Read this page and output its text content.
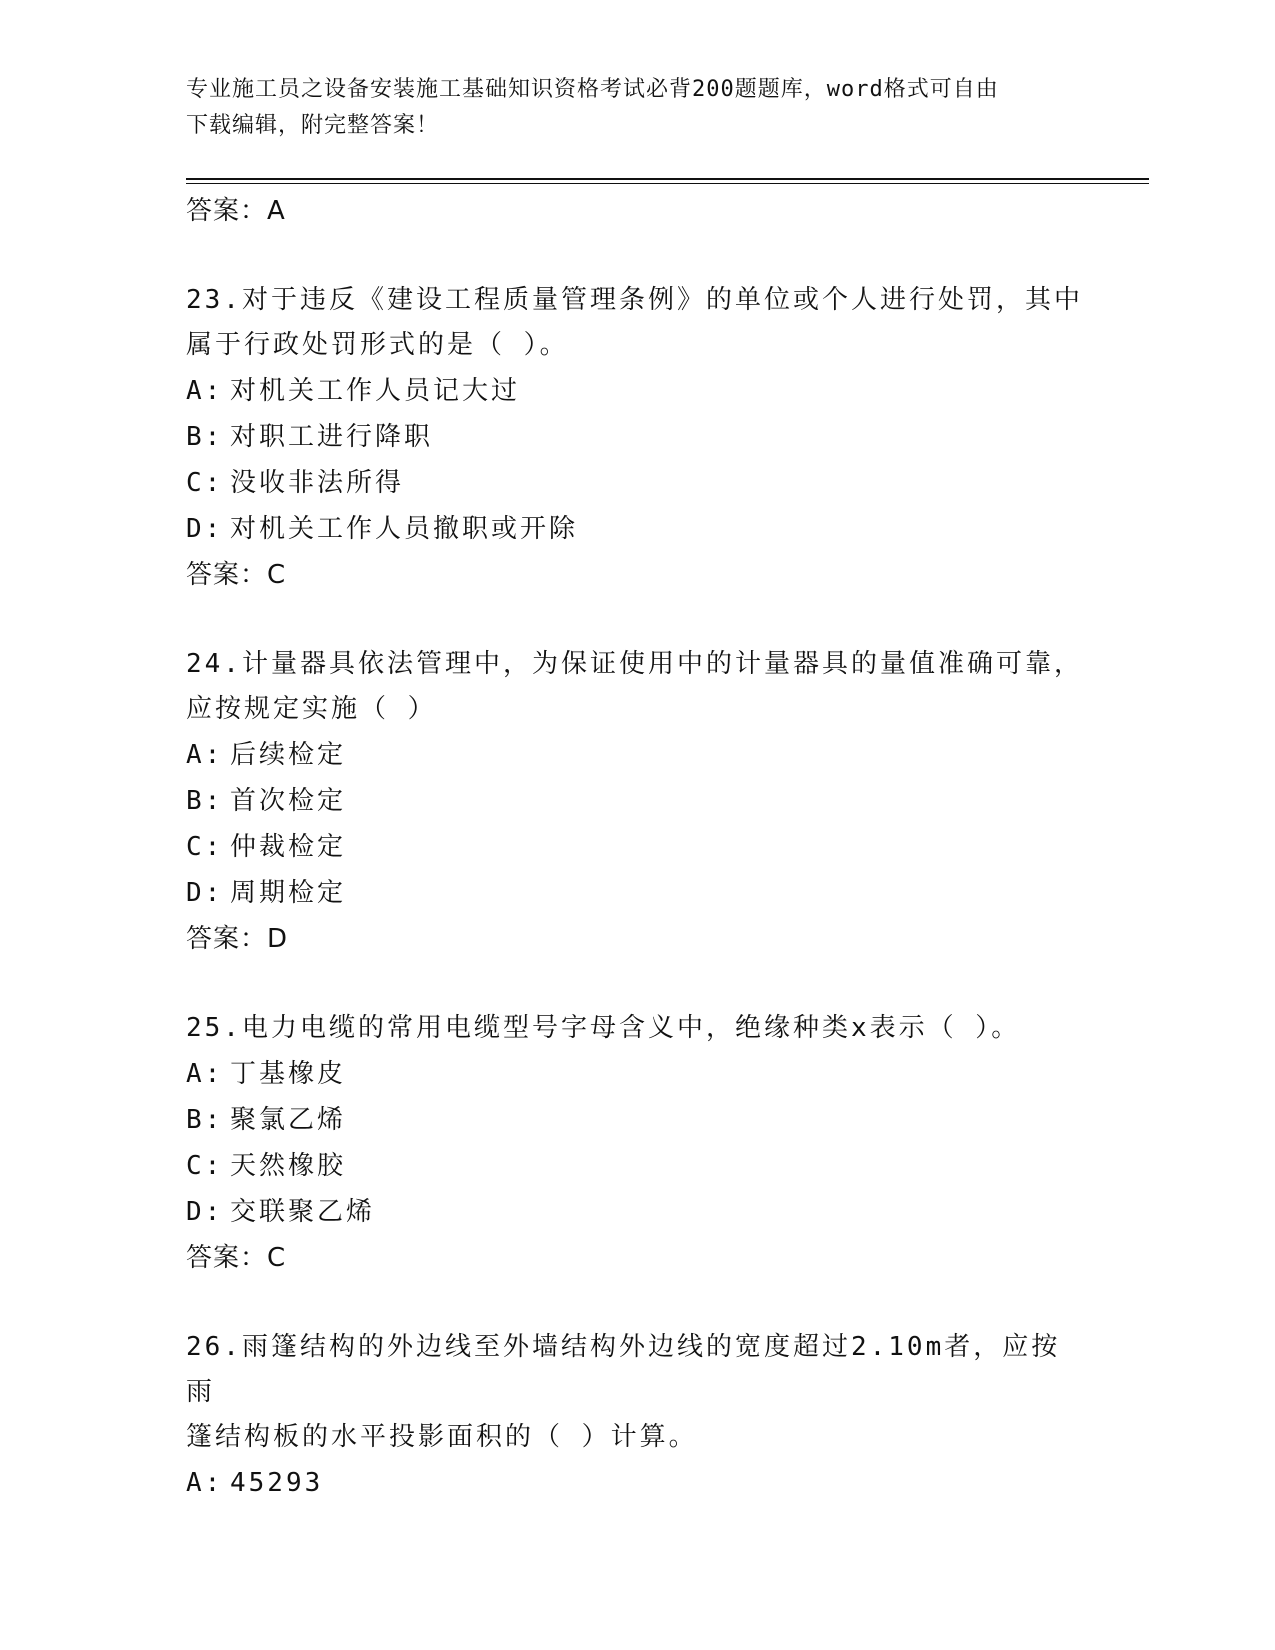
专业施工员之设备安装施工基础知识资格考试必背200题题库，word格式可自由
下载编辑，附完整答案！
答案：A
23.对于违反《建设工程质量管理条例》的单位或个人进行处罚，其中
属于行政处罚形式的是（ ）。
A: 对机关工作人员记大过
B: 对职工进行降职
C: 没收非法所得
D: 对机关工作人员撤职或开除
答案：C
24.计量器具依法管理中，为保证使用中的计量器具的量值准确可靠，
应按规定实施（ ）
A: 后续检定
B: 首次检定
C: 仲裁检定
D: 周期检定
答案：D
25.电力电缆的常用电缆型号字母含义中，绝缘种类x表示（ ）。
A: 丁基橡皮
B: 聚氯乙烯
C: 天然橡胶
D: 交联聚乙烯
答案：C
26.雨篷结构的外边线至外墙结构外边线的宽度超过2.10m者，应按雨
篷结构板的水平投影面积的（ ）计算。
A: 45293
